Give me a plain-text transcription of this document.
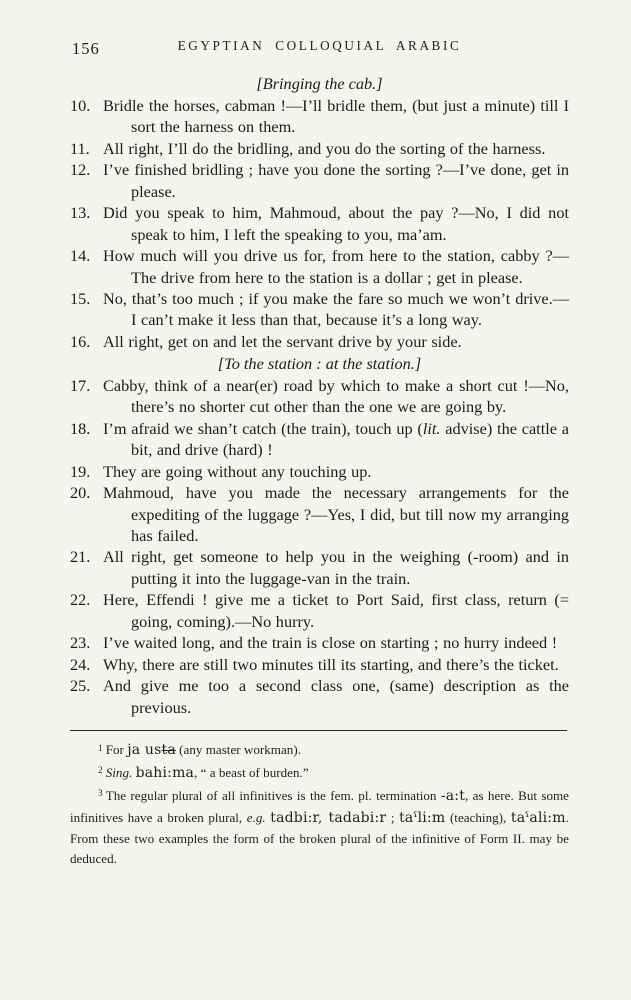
156	EGYPTIAN COLLOQUIAL ARABIC
[Bringing the cab.]
10. Bridle the horses, cabman !—I’ll bridle them, (but just a minute) till I sort the harness on them.
11. All right, I’ll do the bridling, and you do the sorting of the harness.
12. I’ve finished bridling ; have you done the sorting ?—I’ve done, get in please.
13. Did you speak to him, Mahmoud, about the pay ?—No, I did not speak to him, I left the speaking to you, ma’am.
14. How much will you drive us for, from here to the station, cabby ?—The drive from here to the station is a dollar ; get in please.
15. No, that’s too much ; if you make the fare so much we won’t drive.—I can’t make it less than that, because it’s a long way.
16. All right, get on and let the servant drive by your side.
[To the station : at the station.]
17. Cabby, think of a near(er) road by which to make a short cut !—No, there’s no shorter cut other than the one we are going by.
18. I’m afraid we shan’t catch (the train), touch up (lit. advise) the cattle a bit, and drive (hard) !
19. They are going without any touching up.
20. Mahmoud, have you made the necessary arrangements for the expediting of the luggage ?—Yes, I did, but till now my arranging has failed.
21. All right, get someone to help you in the weighing (-room) and in putting it into the luggage-van in the train.
22. Here, Effendi ! give me a ticket to Port Said, first class, return (= going, coming).—No hurry.
23. I’ve waited long, and the train is close on starting ; no hurry indeed !
24. Why, there are still two minutes till its starting, and there’s the ticket.
25. And give me too a second class one, (same) description as the previous.
$^1$ For ja usta (any master workman).
$^2$ Sing. bahi:ma, “ a beast of burden.”
$^3$ The regular plural of all infinitives is the fem. pl. termination -a:t, as here. But some infinitives have a broken plural, e.g. tadbi:r, tadabi:r ; taˁli:m (teaching), taˁali:m. From these two examples the form of the broken plural of the infinitive of Form II. may be deduced.
